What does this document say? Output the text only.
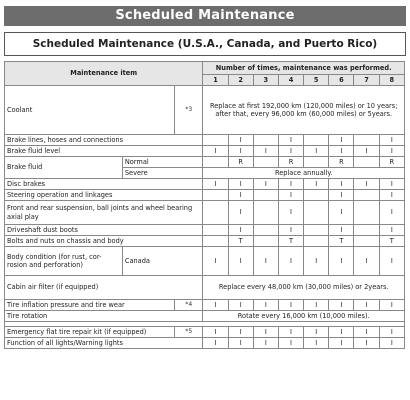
Scheduled Maintenance
Scheduled Maintenance (U.S.A., Canada, and Puerto Rico)
Maintenance item			Number of times, maintenance was performed.							
			1	2	3	4	5	6	7	8
Coolant		*3	Replace at first 192,000 km (120,000 miles) or 10 years; after that, every 96,000 km (60,000 miles) or 5years.							
Brake lines, hoses and connections				I		I		I		I
Brake fluid level			I	I	I	I	I	I	I	I
Brake fluid	Normal			R		R		R		R
	Severe		Replace annually.							
Disc brakes			I	I	I	I	I	I	I	I
Steering operation and linkages				I		I		I		I
Front and rear suspension, ball joints and wheel bearing axial play				I		I		I		I
Driveshaft dust boots				I		I		I		I
Bolts and nuts on chassis and body				T		T		T		T
Body condition (for rust, cor-rosion and perforation)	Canada		I	I	I	I	I	I	I	I
Cabin air filter (if equipped)			Replace every 48,000 km (30,000 miles) or 2years.							
Tire inflation pressure and tire wear		*4	I	I	I	I	I	I	I	I
Tire rotation			Rotate every 16,000 km (10,000 miles).							

Emergency flat tire repair kit (if equipped)		*5	I	I	I	I	I	I	I	I
Function of all lights/Warning lights			I	I	I	I	I	I	I	I
